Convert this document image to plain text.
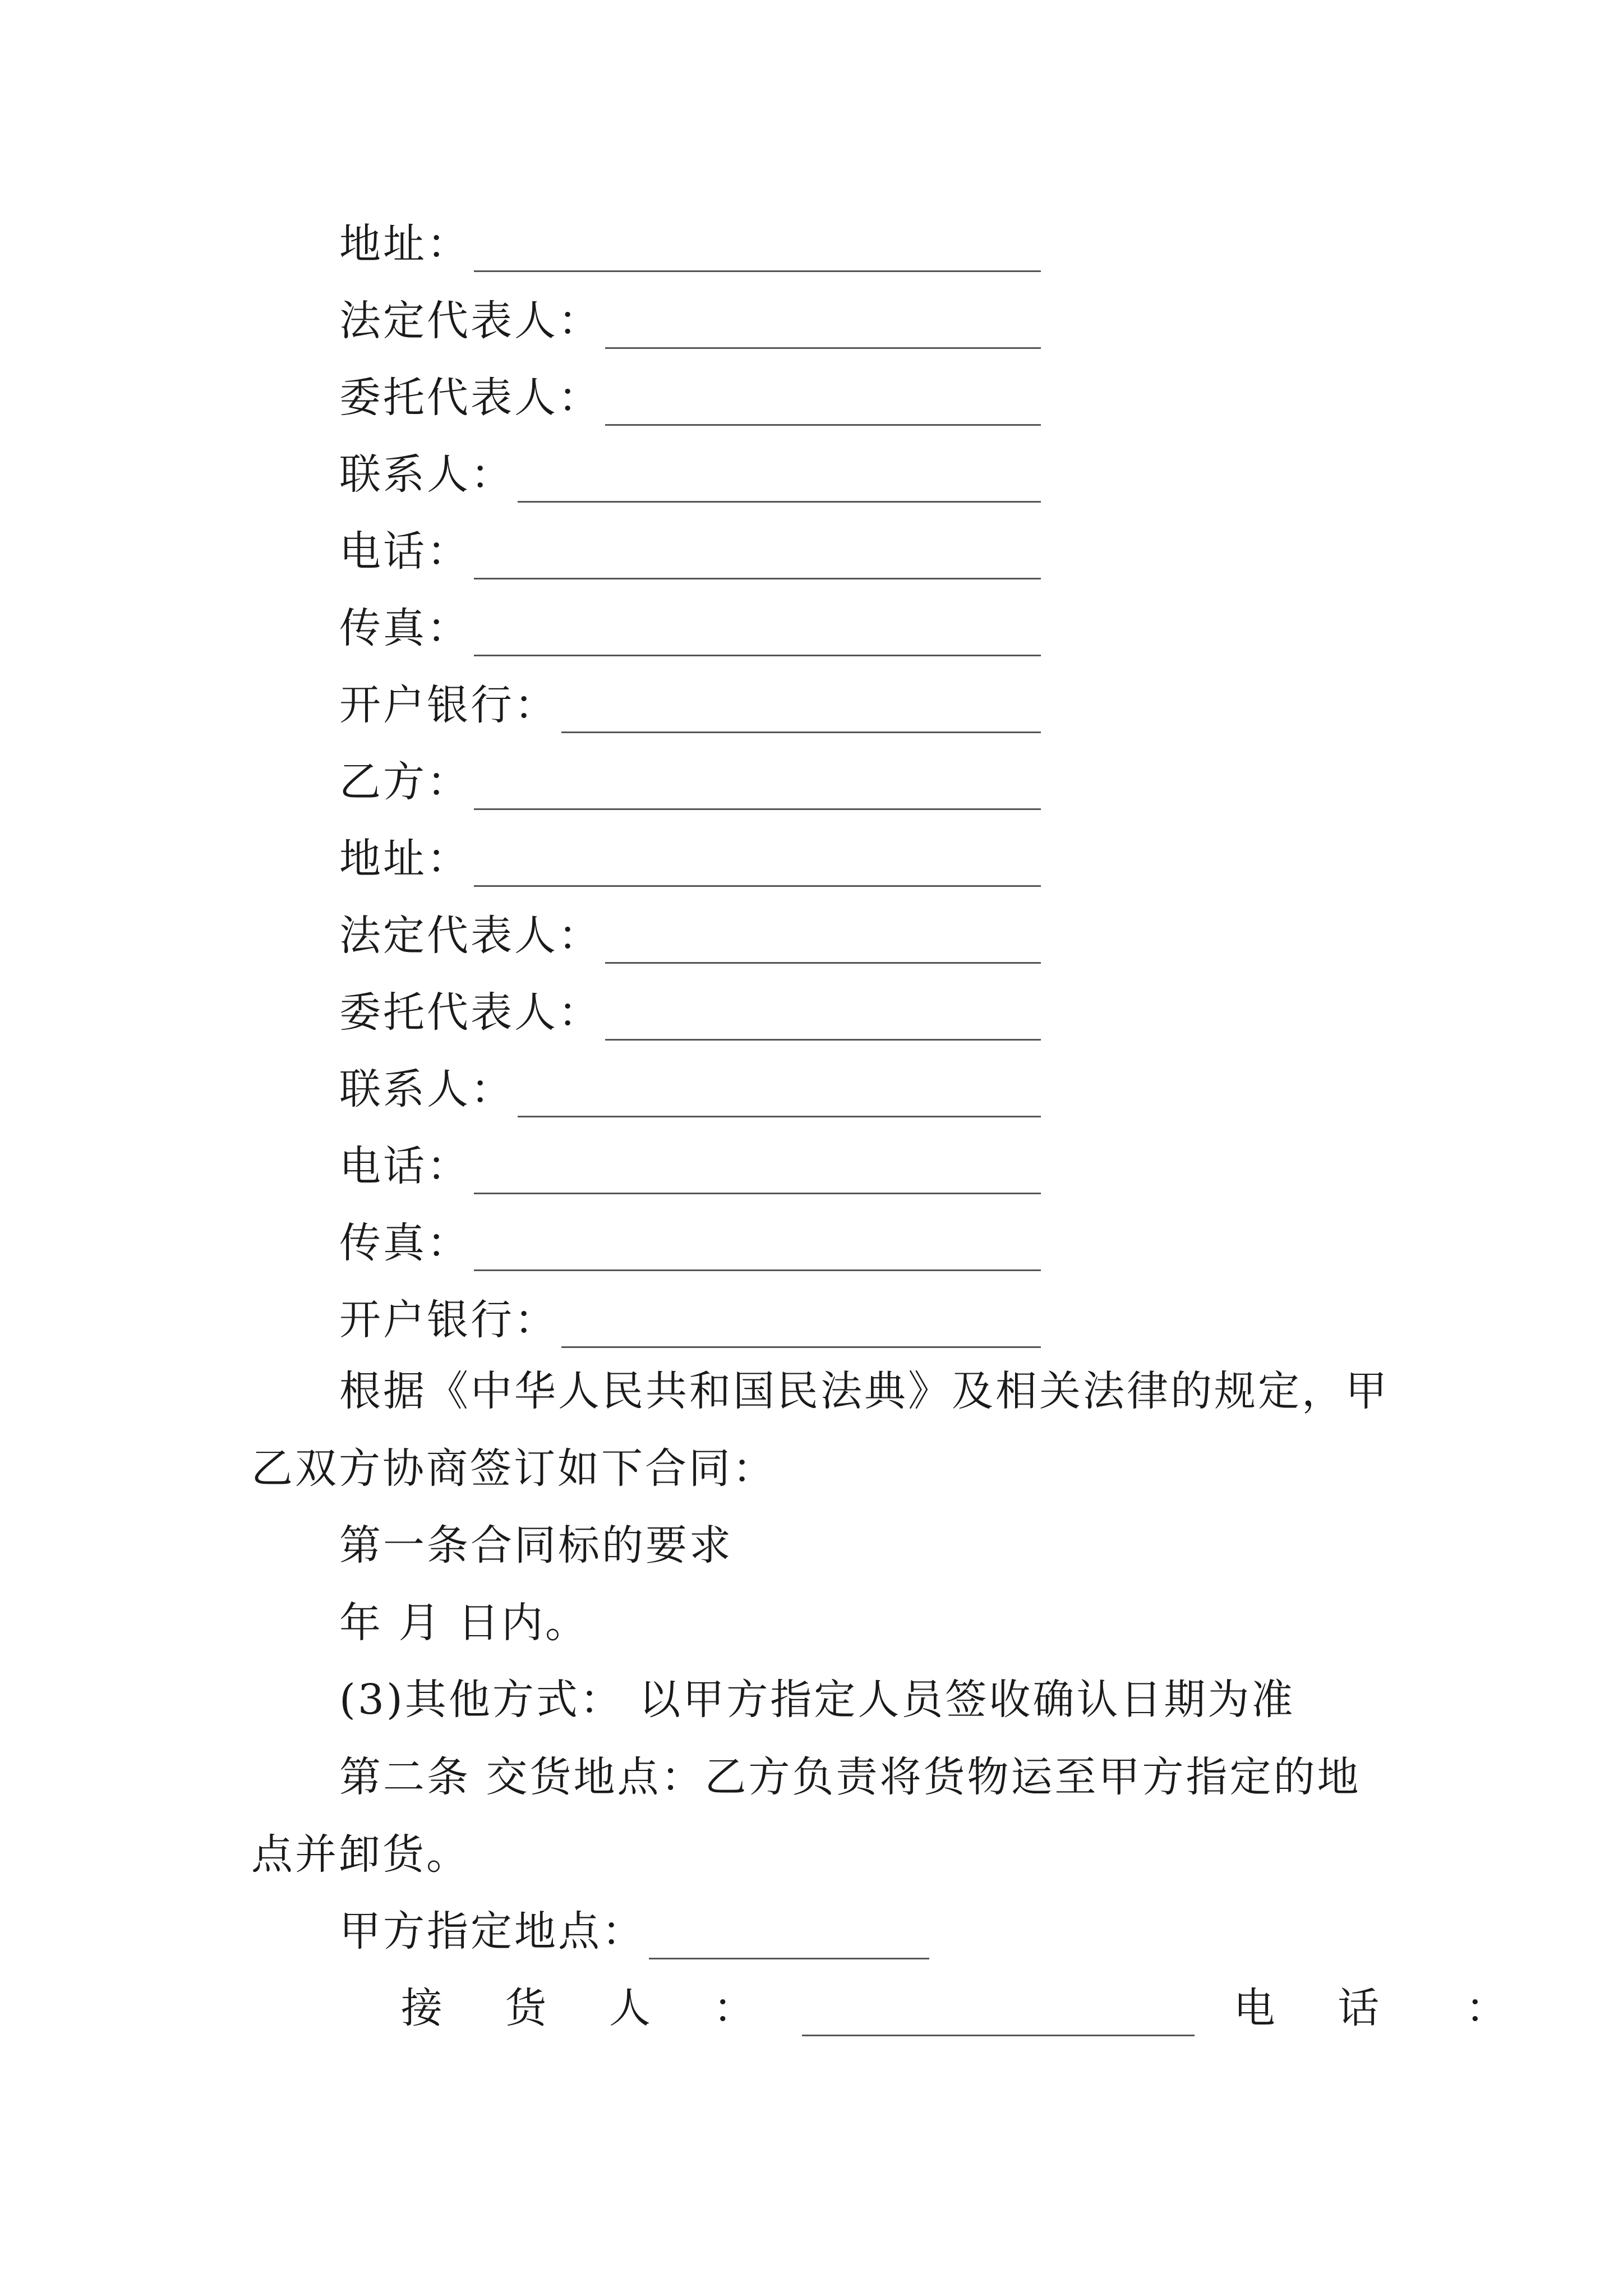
地址：
法定代表人：
委托代表人：
联系人：
电话：
传真：
开户银行：
乙方：
地址：
法定代表人：
委托代表人：
联系人：
电话：
传真：
开户银行：
根据《中华人民共和国民法典》及相关法律的规定，甲
乙双方协商签订如下合同：
第一条合同标的要求
年 月 日内。
(3)其他方式： 以甲方指定人员签收确认日期为准
第二条 交货地点：乙方负责将货物运至甲方指定的地
点并卸货。
甲方指定地点：
接 货 人 ：	电 话 ：
